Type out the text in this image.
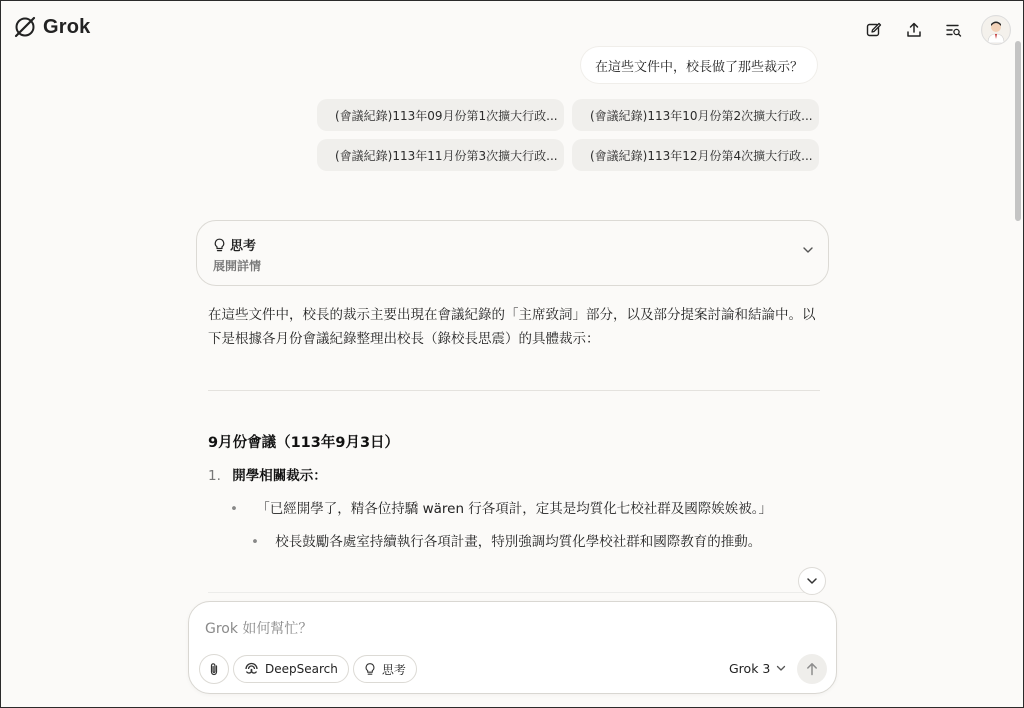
Grok
在這些文件中，校長做了那些裁示？
(會議紀錄)113年09月份第1次擴大行政...	(會議紀錄)113年10月份第2次擴大行政...
(會議紀錄)113年11月份第3次擴大行政...	(會議紀錄)113年12月份第4次擴大行政...
思考
展開詳情
在這些文件中，校長的裁示主要出現在會議紀錄的「主席致詞」部分，以及部分提案討論和結論中。以下是根據各月份會議紀錄整理出校長（錄校長思震）的具體裁示：
9月份會議（113年9月3日）
1. 開學相關裁示：
• 「已經開學了，精各位持驕 wären 行各項計，定其是均質化七校社群及國際娭娭被。」
• 校長鼓勵各處室持續執行各項計畫，特別強調均質化學校社群和國際教育的推動。
Grok 如何幫忙？
DeepSearch	思考	Grok 3
